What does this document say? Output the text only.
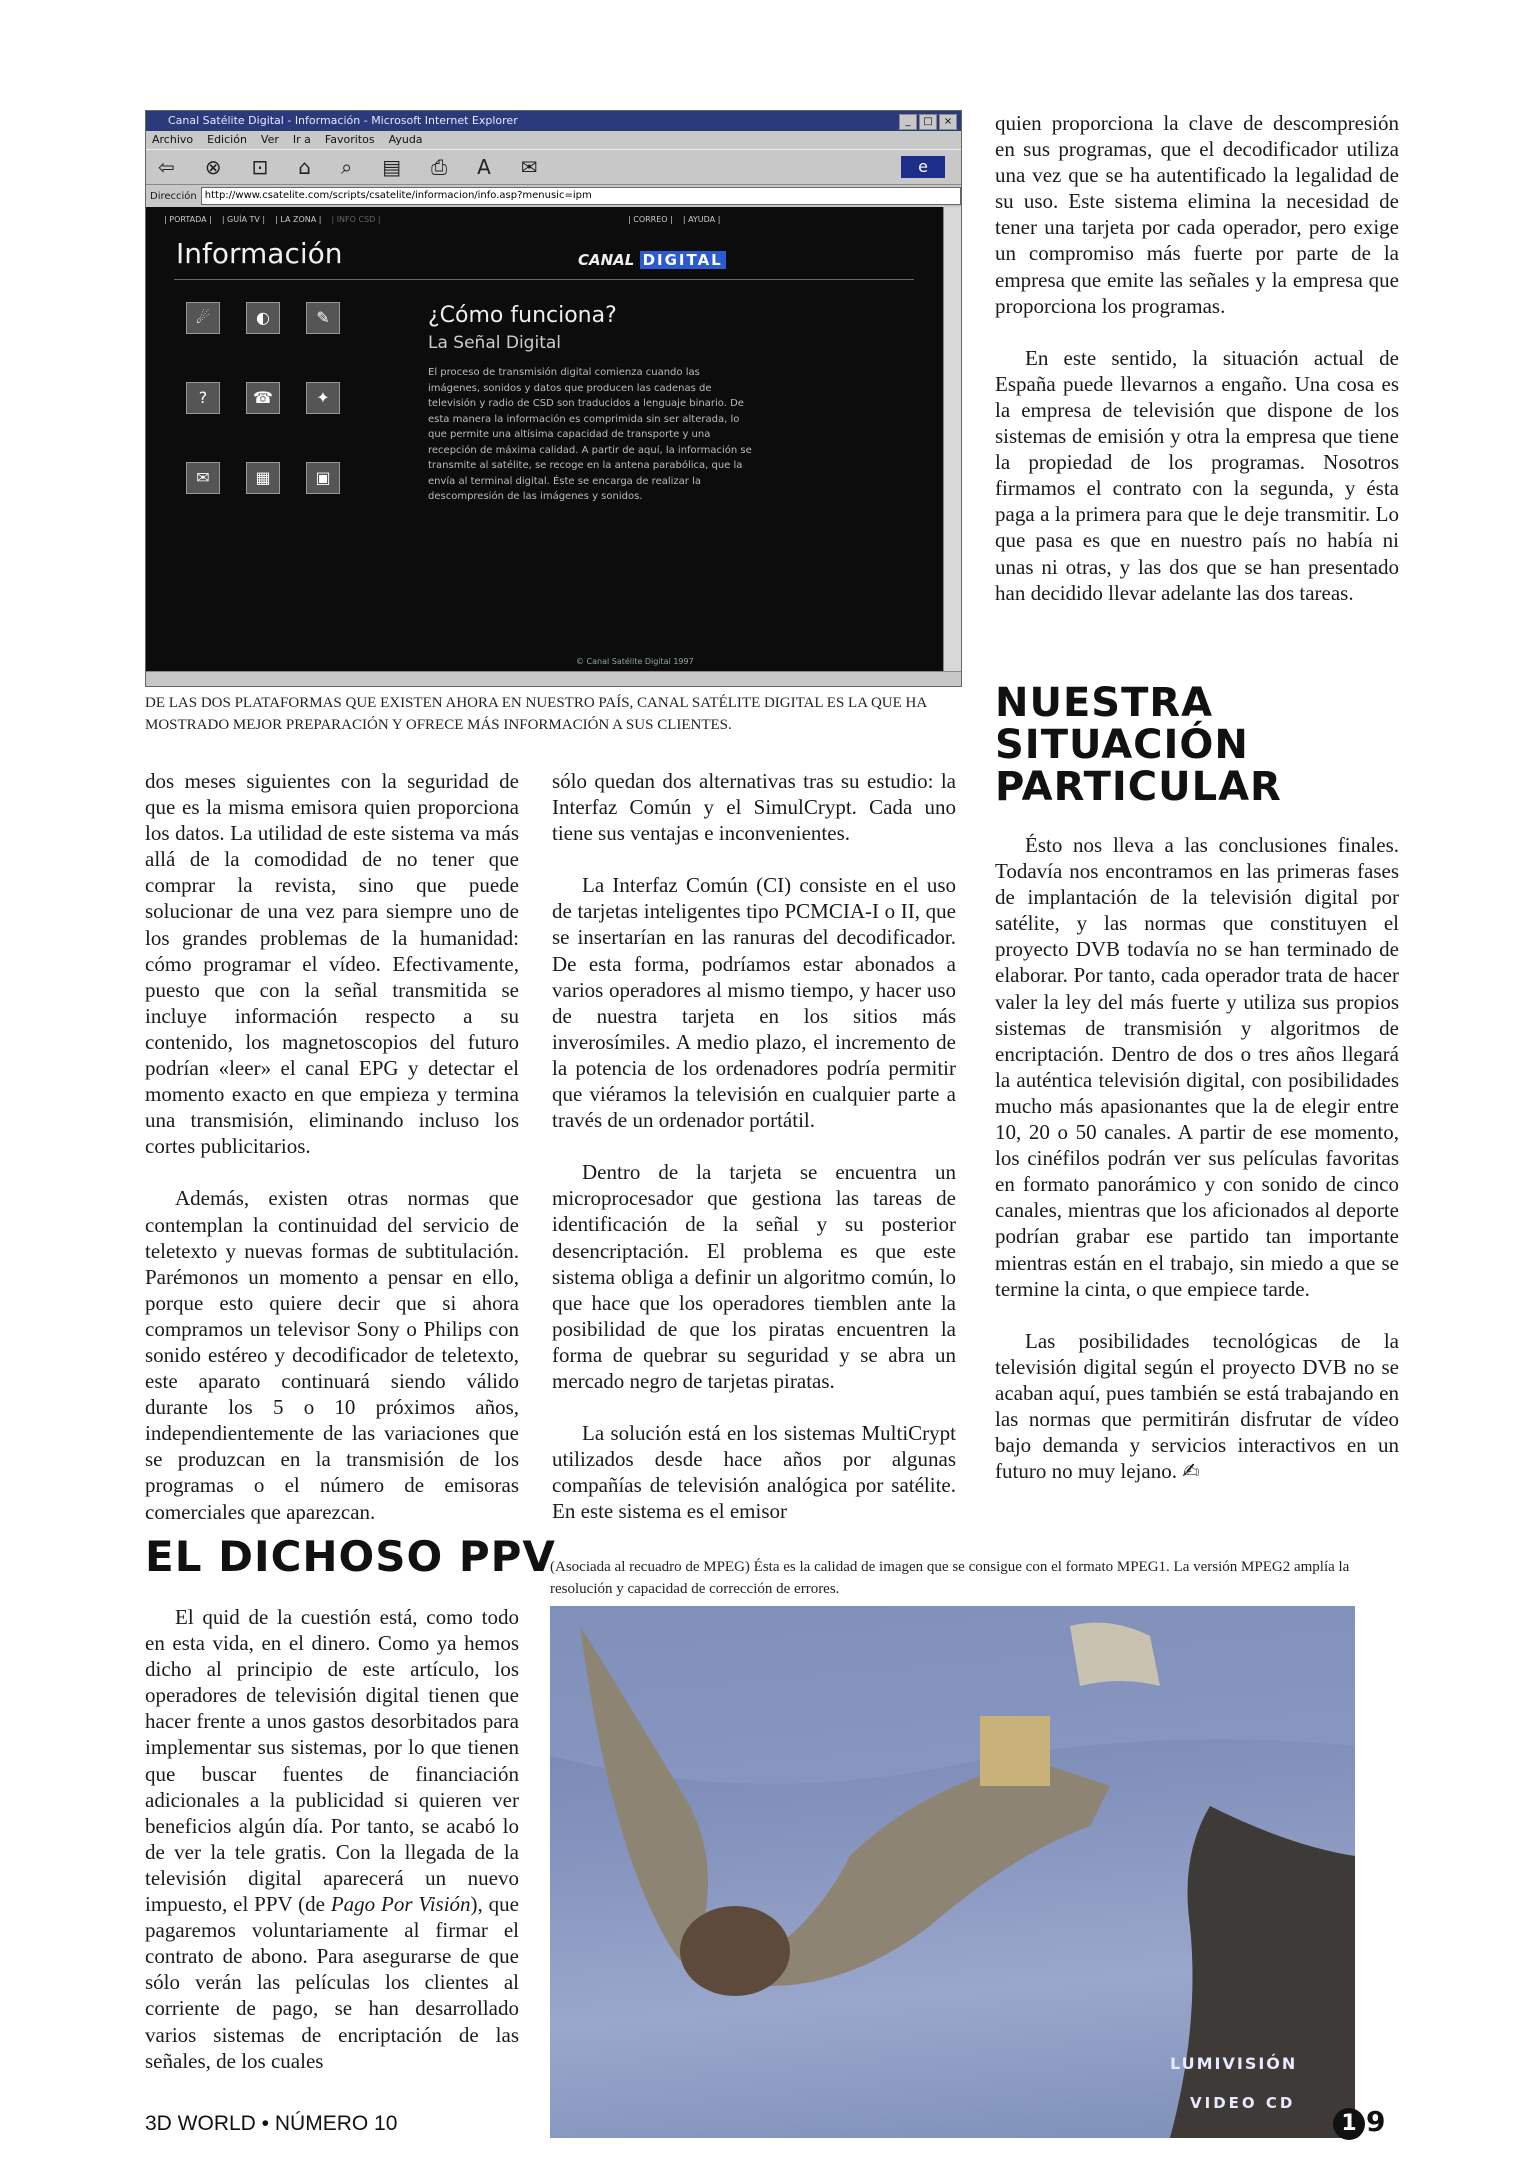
Canal Satélite Digital - Información - Microsoft Internet Explorer	_	□	×
Archivo Edición Ver Ir a Favoritos Ayuda
⇦ ⊗ ⊡ ⌂ ⌕ ▤ ⎙ A ✉	e
Dirección http://www.csatelite.com/scripts/csatelite/informacion/info.asp?menusic=ipm
| PORTADA | | GUÍA TV | | LA ZONA | | INFO CSD |	| CORREO | | AYUDA |
Información	CANAL DIGITAL
☄	◐	✎
?	☎	✦
✉	▦	▣
¿Cómo funciona?
La Señal Digital
El proceso de transmisión digital comienza cuando las imágenes, sonidos y datos que producen las cadenas de televisión y radio de CSD son traducidos a lenguaje binario. De esta manera la información es comprimida sin ser alterada, lo que permite una altísima capacidad de transporte y una recepción de máxima calidad. A partir de aquí, la información se transmite al satélite, se recoge en la antena parabólica, que la envía al terminal digital. Éste se encarga de realizar la descompresión de las imágenes y sonidos.
© Canal Satélite Digital 1997
DE LAS DOS PLATAFORMAS QUE EXISTEN AHORA EN NUESTRO PAÍS, CANAL SATÉLITE DIGITAL ES LA QUE HA MOSTRADO MEJOR PREPARACIÓN Y OFRECE MÁS INFORMACIÓN A SUS CLIENTES.

dos meses siguientes con la seguridad de que es la misma emisora quien proporciona los datos. La utilidad de este sistema va más allá de la comodidad de no tener que comprar la revista, sino que puede solucionar de una vez para siempre uno de los grandes problemas de la humanidad: cómo programar el vídeo. Efectivamente, puesto que con la señal transmitida se incluye información respecto a su contenido, los magnetoscopios del futuro podrían «leer» el canal EPG y detectar el momento exacto en que empieza y termina una transmisión, eliminando incluso los cortes publicitarios.

Además, existen otras normas que contemplan la continuidad del servicio de teletexto y nuevas formas de subtitulación. Parémonos un momento a pensar en ello, porque esto quiere decir que si ahora compramos un televisor Sony o Philips con sonido estéreo y decodificador de teletexto, este aparato continuará siendo válido durante los 5 o 10 próximos años, independientemente de las variaciones que se produzcan en la transmisión de los programas o el número de emisoras comerciales que aparezcan.

EL DICHOSO PPV

El quid de la cuestión está, como todo en esta vida, en el dinero. Como ya hemos dicho al principio de este artículo, los operadores de televisión digital tienen que hacer frente a unos gastos desorbitados para implementar sus sistemas, por lo que tienen que buscar fuentes de financiación adicionales a la publicidad si quieren ver beneficios algún día. Por tanto, se acabó lo de ver la tele gratis. Con la llegada de la televisión digital aparecerá un nuevo impuesto, el PPV (de Pago Por Visión), que pagaremos voluntariamente al firmar el contrato de abono. Para asegurarse de que sólo verán las películas los clientes al corriente de pago, se han desarrollado varios sistemas de encriptación de las señales, de los cuales

sólo quedan dos alternativas tras su estudio: la Interfaz Común y el SimulCrypt. Cada uno tiene sus ventajas e inconvenientes.

La Interfaz Común (CI) consiste en el uso de tarjetas inteligentes tipo PCMCIA-I o II, que se insertarían en las ranuras del decodificador. De esta forma, podríamos estar abonados a varios operadores al mismo tiempo, y hacer uso de nuestra tarjeta en los sitios más inverosímiles. A medio plazo, el incremento de la potencia de los ordenadores podría permitir que viéramos la televisión en cualquier parte a través de un ordenador portátil.

Dentro de la tarjeta se encuentra un microprocesador que gestiona las tareas de identificación de la señal y su posterior desencriptación. El problema es que este sistema obliga a definir un algoritmo común, lo que hace que los operadores tiemblen ante la posibilidad de que los piratas encuentren la forma de quebrar su seguridad y se abra un mercado negro de tarjetas piratas.

La solución está en los sistemas MultiCrypt utilizados desde hace años por algunas compañías de televisión analógica por satélite. En este sistema es el emisor

quien proporciona la clave de descompresión en sus programas, que el decodificador utiliza una vez que se ha autentificado la legalidad de su uso. Este sistema elimina la necesidad de tener una tarjeta por cada operador, pero exige un compromiso más fuerte por parte de la empresa que emite las señales y la empresa que proporciona los programas.

En este sentido, la situación actual de España puede llevarnos a engaño. Una cosa es la empresa de televisión que dispone de los sistemas de emisión y otra la empresa que tiene la propiedad de los programas. Nosotros firmamos el contrato con la segunda, y ésta paga a la primera para que le deje transmitir. Lo que pasa es que en nuestro país no había ni unas ni otras, y las dos que se han presentado han decidido llevar adelante las dos tareas.

NUESTRA
SITUACIÓN
PARTICULAR

Ésto nos lleva a las conclusiones finales. Todavía nos encontramos en las primeras fases de implantación de la televisión digital por satélite, y las normas que constituyen el proyecto DVB todavía no se han terminado de elaborar. Por tanto, cada operador trata de hacer valer la ley del más fuerte y utiliza sus propios sistemas de transmisión y algoritmos de encriptación. Dentro de dos o tres años llegará la auténtica televisión digital, con posibilidades mucho más apasionantes que la de elegir entre 10, 20 o 50 canales. A partir de ese momento, los cinéfilos podrán ver sus películas favoritas en formato panorámico y con sonido de cinco canales, mientras que los aficionados al deporte podrían grabar ese partido tan importante mientras están en el trabajo, sin miedo a que se termine la cinta, o que empiece tarde.

Las posibilidades tecnológicas de la televisión digital según el proyecto DVB no se acaban aquí, pues también se está trabajando en las normas que permitirán disfrutar de vídeo bajo demanda y servicios interactivos en un futuro no muy lejano. ✍

(Asociada al recuadro de MPEG) Ésta es la calidad de imagen que se consigue con el formato MPEG1. La versión MPEG2 amplía la resolución y capacidad de corrección de errores.
LUMIVISIÓN
VIDEO CD
3D WORLD • NÚMERO 10	1 9
